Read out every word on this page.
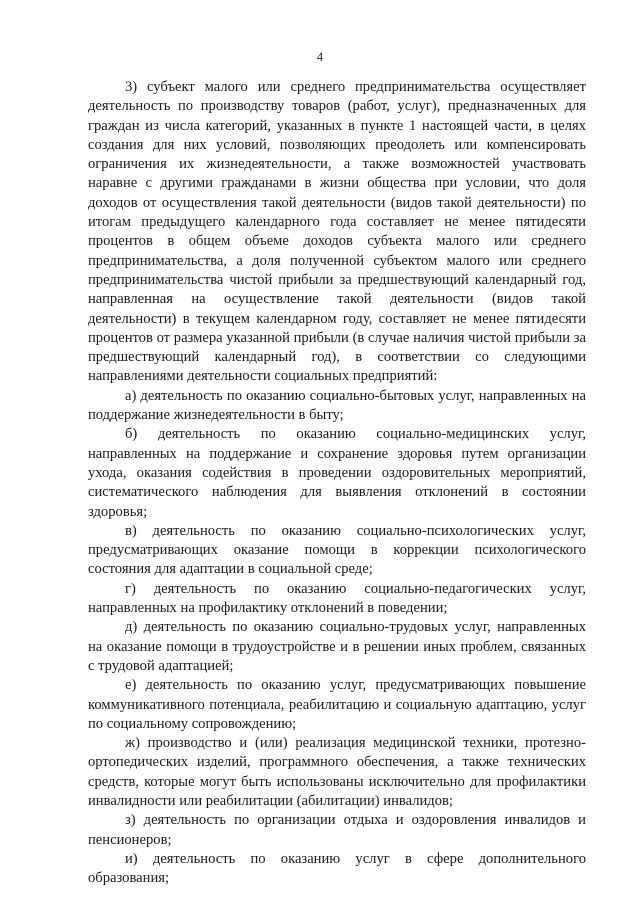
4

3) субъект малого или среднего предпринимательства осуществляет деятельность по производству товаров (работ, услуг), предназначенных для граждан из числа категорий, указанных в пункте 1 настоящей части, в целях создания для них условий, позволяющих преодолеть или компенсировать ограничения их жизнедеятельности, а также возможностей участвовать наравне с другими гражданами в жизни общества при условии, что доля доходов от осуществления такой деятельности (видов такой деятельности) по итогам предыдущего календарного года составляет не менее пятидесяти процентов в общем объеме доходов субъекта малого или среднего предпринимательства, а доля полученной субъектом малого или среднего предпринимательства чистой прибыли за предшествующий календарный год, направленная на осуществление такой деятельности (видов такой деятельности) в текущем календарном году, составляет не менее пятидесяти процентов от размера указанной прибыли (в случае наличия чистой прибыли за предшествующий календарный год), в соответствии со следующими направлениями деятельности социальных предприятий:

а) деятельность по оказанию социально-бытовых услуг, направленных на поддержание жизнедеятельности в быту;

б) деятельность по оказанию социально-медицинских услуг, направленных на поддержание и сохранение здоровья путем организации ухода, оказания содействия в проведении оздоровительных мероприятий, систематического наблюдения для выявления отклонений в состоянии здоровья;

в) деятельность по оказанию социально-психологических услуг, предусматривающих оказание помощи в коррекции психологического состояния для адаптации в социальной среде;

г) деятельность по оказанию социально-педагогических услуг, направленных на профилактику отклонений в поведении;

д) деятельность по оказанию социально-трудовых услуг, направленных на оказание помощи в трудоустройстве и в решении иных проблем, связанных с трудовой адаптацией;

е) деятельность по оказанию услуг, предусматривающих повышение коммуникативного потенциала, реабилитацию и социальную адаптацию, услуг по социальному сопровождению;

ж) производство и (или) реализация медицинской техники, протезно-ортопедических изделий, программного обеспечения, а также технических средств, которые могут быть использованы исключительно для профилактики инвалидности или реабилитации (абилитации) инвалидов;

з) деятельность по организации отдыха и оздоровления инвалидов и пенсионеров;

и) деятельность по оказанию услуг в сфере дополнительного образования;
